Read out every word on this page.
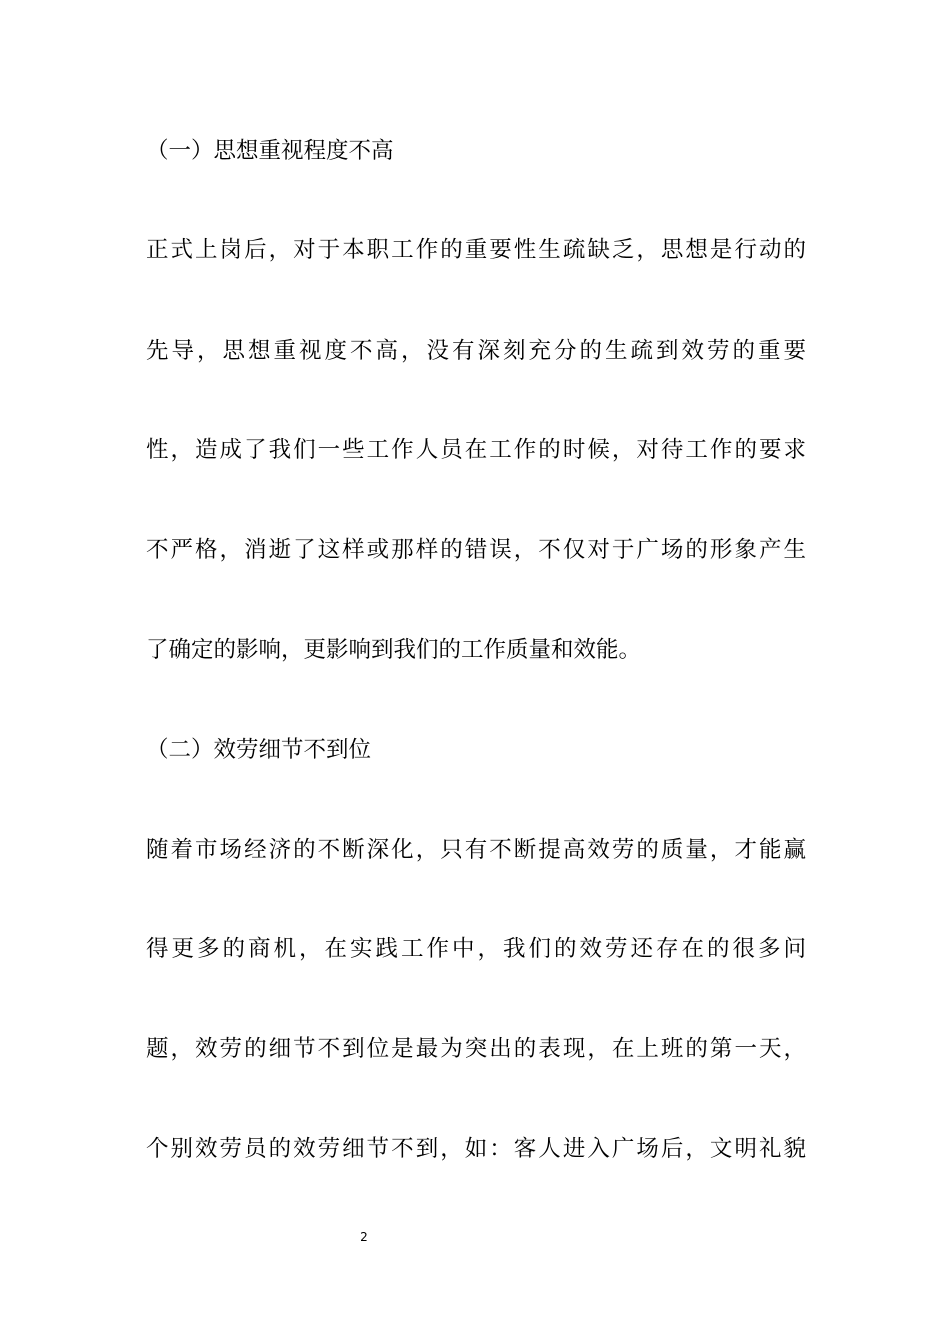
（一）思想重视程度不高
正式上岗后，对于本职工作的重要性生疏缺乏，思想是行动的
先导，思想重视度不高，没有深刻充分的生疏到效劳的重要
性，造成了我们一些工作人员在工作的时候，对待工作的要求
不严格，消逝了这样或那样的错误，不仅对于广场的形象产生
了确定的影响，更影响到我们的工作质量和效能。
（二）效劳细节不到位
随着市场经济的不断深化，只有不断提高效劳的质量，才能赢
得更多的商机，在实践工作中，我们的效劳还存在的很多问
题，效劳的细节不到位是最为突出的表现，在上班的第一天，
个别效劳员的效劳细节不到，如：客人进入广场后，文明礼貌
2
